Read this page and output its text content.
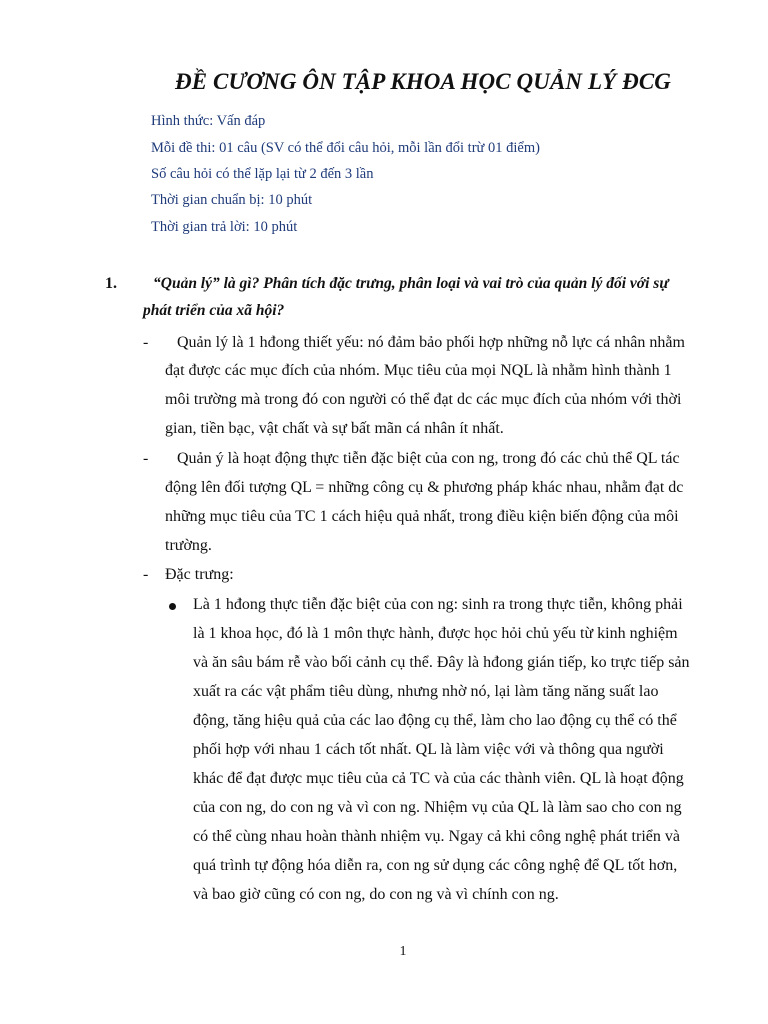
ĐỀ CƯƠNG ÔN TẬP KHOA HỌC QUẢN LÝ ĐCG
Hình thức: Vấn đáp
Mỗi đề thi: 01 câu (SV có thể đổi câu hỏi, mỗi lần đổi trừ 01 điểm)
Số câu hỏi có thể lặp lại từ 2 đến 3 lần
Thời gian chuẩn bị: 10 phút
Thời gian trả lời: 10 phút
1. “Quản lý” là gì? Phân tích đặc trưng, phân loại và vai trò của quản lý đối với sự
phát triển của xã hội?
- Quản lý là 1 hđong thiết yếu: nó đảm bảo phối hợp những nỗ lực cá nhân nhằm
đạt được các mục đích của nhóm. Mục tiêu của mọi NQL là nhằm hình thành 1
môi trường mà trong đó con người có thể đạt dc các mục đích của nhóm với thời
gian, tiền bạc, vật chất và sự bất mãn cá nhân ít nhất.
- Quản ý là hoạt động thực tiễn đặc biệt của con ng, trong đó các chủ thể QL tác
động lên đối tượng QL = những công cụ & phương pháp khác nhau, nhằm đạt dc
những mục tiêu của TC 1 cách hiệu quả nhất, trong điều kiện biến động của môi
trường.
- Đặc trưng:
Là 1 hđong thực tiễn đặc biệt của con ng: sinh ra trong thực tiễn, không phải
là 1 khoa học, đó là 1 môn thực hành, được học hỏi chủ yếu từ kinh nghiệm
và ăn sâu bám rễ vào bối cảnh cụ thể. Đây là hđong gián tiếp, ko trực tiếp sản
xuất ra các vật phẩm tiêu dùng, nhưng nhờ nó, lại làm tăng năng suất lao
động, tăng hiệu quả của các lao động cụ thể, làm cho lao động cụ thể có thể
phối hợp với nhau 1 cách tốt nhất. QL là làm việc với và thông qua người
khác để đạt được mục tiêu của cả TC và của các thành viên. QL là hoạt động
của con ng, do con ng và vì con ng. Nhiệm vụ của QL là làm sao cho con ng
có thể cùng nhau hoàn thành nhiệm vụ. Ngay cả khi công nghệ phát triển và
quá trình tự động hóa diễn ra, con ng sử dụng các công nghệ để QL tốt hơn,
và bao giờ cũng có con ng, do con ng và vì chính con ng.
1
